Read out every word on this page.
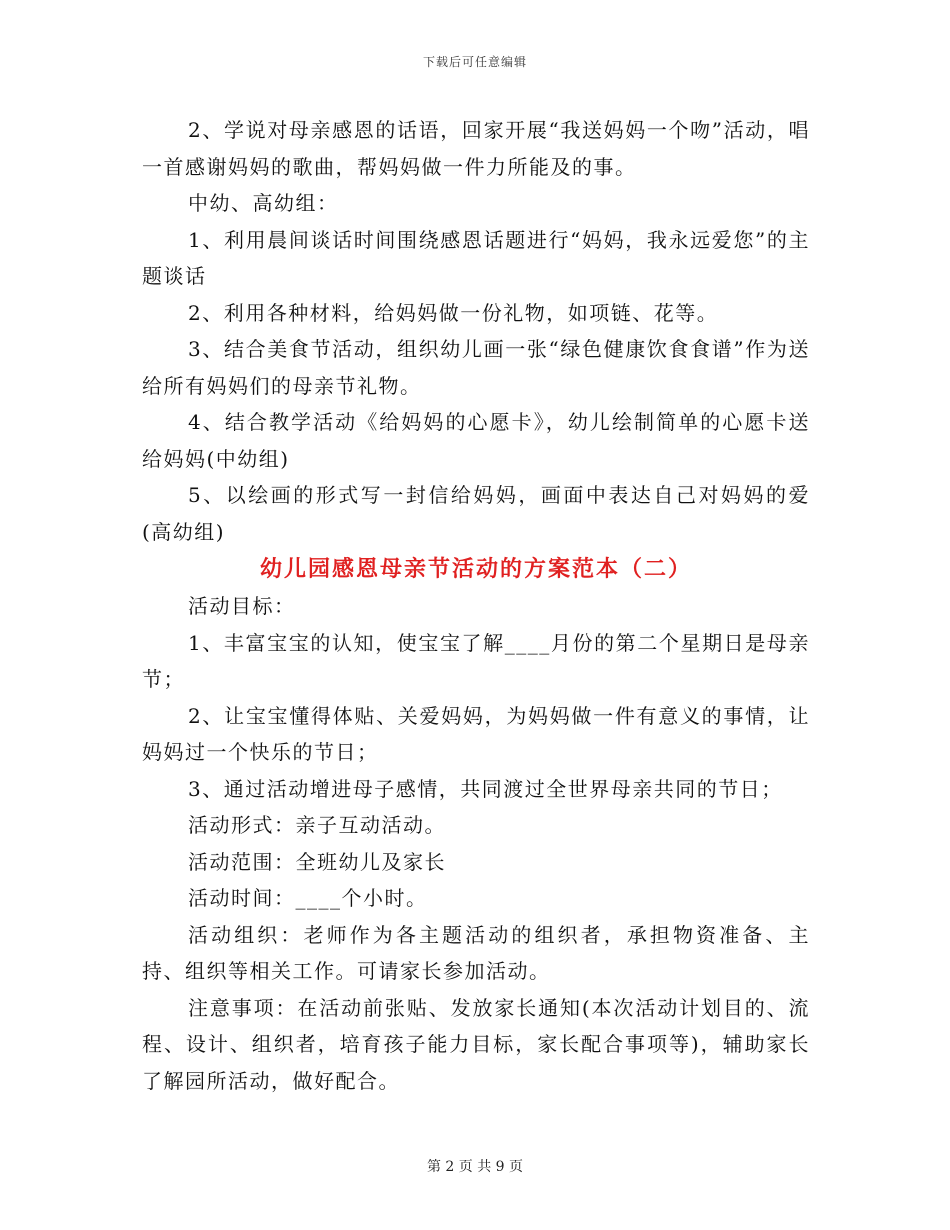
下载后可任意编辑

2、学说对母亲感恩的话语，回家开展“我送妈妈一个吻”活动，唱一首感谢妈妈的歌曲，帮妈妈做一件力所能及的事。

中幼、高幼组：

1、利用晨间谈话时间围绕感恩话题进行“妈妈，我永远爱您”的主题谈话

2、利用各种材料，给妈妈做一份礼物，如项链、花等。

3、结合美食节活动，组织幼儿画一张“绿色健康饮食食谱”作为送给所有妈妈们的母亲节礼物。

4、结合教学活动《给妈妈的心愿卡》，幼儿绘制简单的心愿卡送给妈妈(中幼组)

5、以绘画的形式写一封信给妈妈，画面中表达自己对妈妈的爱(高幼组)

幼儿园感恩母亲节活动的方案范本（二）

活动目标：

1、丰富宝宝的认知，使宝宝了解____月份的第二个星期日是母亲节；

2、让宝宝懂得体贴、关爱妈妈，为妈妈做一件有意义的事情，让妈妈过一个快乐的节日；

3、通过活动增进母子感情，共同渡过全世界母亲共同的节日；

活动形式：亲子互动活动。

活动范围：全班幼儿及家长

活动时间：____个小时。

活动组织：老师作为各主题活动的组织者，承担物资准备、主持、组织等相关工作。可请家长参加活动。

注意事项：在活动前张贴、发放家长通知(本次活动计划目的、流程、设计、组织者，培育孩子能力目标，家长配合事项等)，辅助家长了解园所活动，做好配合。

第 2 页 共 9 页
